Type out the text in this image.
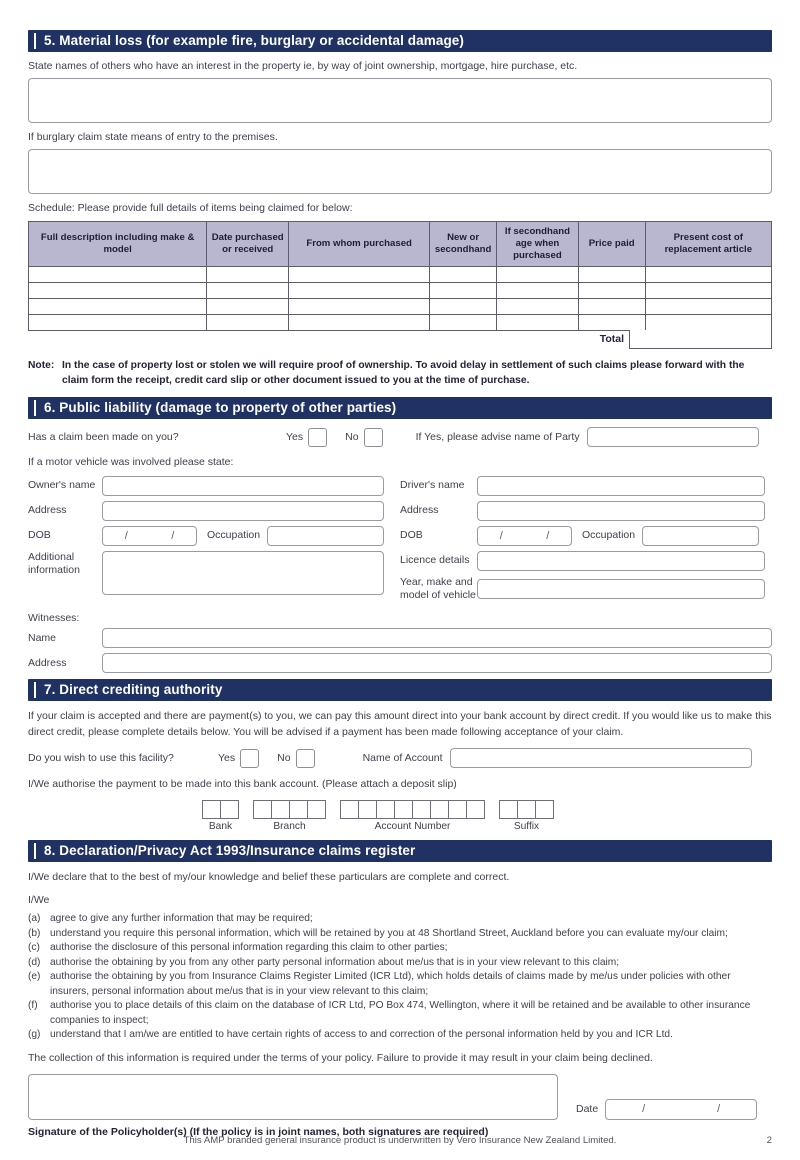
5. Material loss (for example fire, burglary or accidental damage)
State names of others who have an interest in the property ie, by way of joint ownership, mortgage, hire purchase, etc.
If burglary claim state means of entry to the premises.
Schedule: Please provide full details of items being claimed for below:
Full description including make & model	Date purchased or received	From whom purchased	New or secondhand	If secondhand age when purchased	Price paid	Present cost of replacement article

Total
Note: In the case of property lost or stolen we will require proof of ownership. To avoid delay in settlement of such claims please forward with the claim form the receipt, credit card slip or other document issued to you at the time of purchase.
6. Public liability (damage to property of other parties)
Has a claim been made on you?	Yes	No	If Yes, please advise name of Party
If a motor vehicle was involved please state:
Owner's name
Address
DOB	/	/	Occupation
Additional information
Driver's name
Address
DOB	/	/	Occupation
Licence details
Year, make and model of vehicle
Witnesses:
Name
Address
7. Direct crediting authority
If your claim is accepted and there are payment(s) to you, we can pay this amount direct into your bank account by direct credit. If you would like us to make this direct credit, please complete details below. You will be advised if a payment has been made following acceptance of your claim.
Do you wish to use this facility?	Yes	No	Name of Account
I/We authorise the payment to be made into this bank account. (Please attach a deposit slip)
Bank	Branch	Account Number	Suffix
8. Declaration/Privacy Act 1993/Insurance claims register
I/We declare that to the best of my/our knowledge and belief these particulars are complete and correct.
I/We
(a) agree to give any further information that may be required;
(b) understand you require this personal information, which will be retained by you at 48 Shortland Street, Auckland before you can evaluate my/our claim;
(c) authorise the disclosure of this personal information regarding this claim to other parties;
(d) authorise the obtaining by you from any other party personal information about me/us that is in your view relevant to this claim;
(e) authorise the obtaining by you from Insurance Claims Register Limited (ICR Ltd), which holds details of claims made by me/us under policies with other insurers, personal information about me/us that is in your view relevant to this claim;
(f)	authorise you to place details of this claim on the database of ICR Ltd, PO Box 474, Wellington, where it will be retained and be available to other insurance companies to inspect;
(g) understand that I am/we are entitled to have certain rights of access to and correction of the personal information held by you and ICR Ltd.
The collection of this information is required under the terms of your policy. Failure to provide it may result in your claim being declined.
Date	/	/
Signature of the Policyholder(s) (If the policy is in joint names, both signatures are required)
This AMP branded general insurance product is underwritten by Vero Insurance New Zealand Limited.	2
